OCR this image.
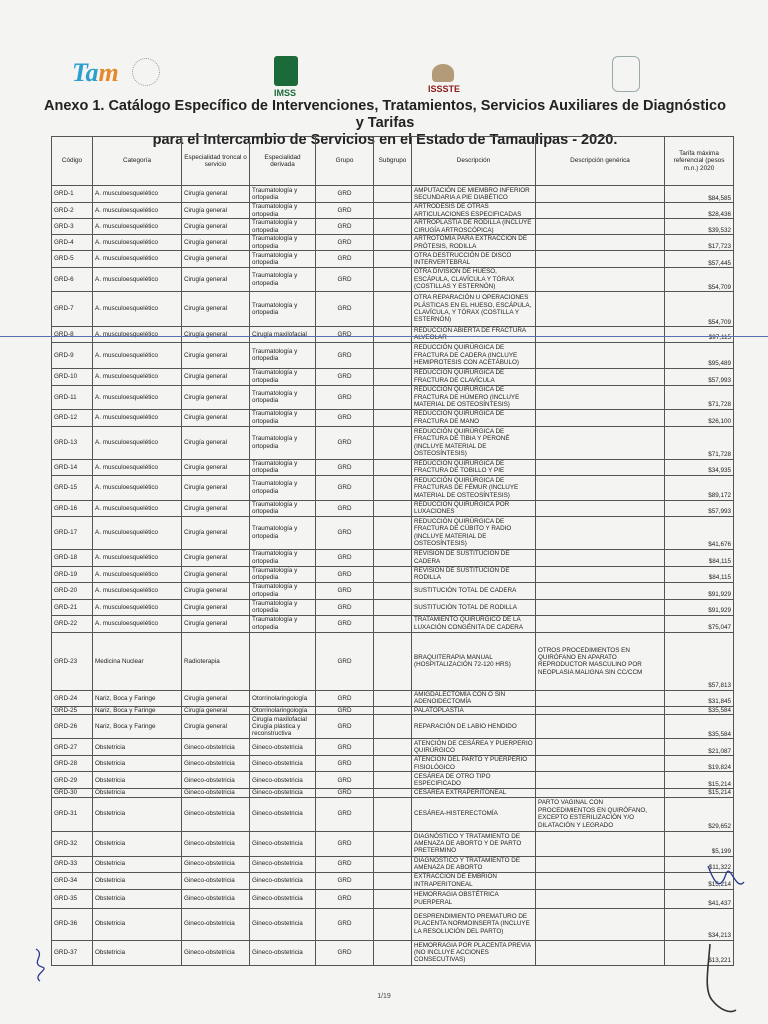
Tam
IMSS	ISSSTE
Anexo 1. Catálogo Específico de Intervenciones, Tratamientos, Servicios Auxiliares de Diagnóstico y Tarifas
para el Intercambio de Servicios en el Estado de Tamaulipas - 2020.
Código	Categoría	Especialidad troncal o servicio	Especialidad derivada	Grupo	Subgrupo	Descripción	Descripción genérica	Tarifa máxima referencial (pesos m.n.) 2020
GRD-1	A. musculoesquelético	Cirugía general	Traumatología y ortopedia	GRD		AMPUTACIÓN DE MIEMBRO INFERIOR SECUNDARIA A PIE DIABÉTICO		$84,585
GRD-2	A. musculoesquelético	Cirugía general	Traumatología y ortopedia	GRD		ARTRODESIS DE OTRAS ARTICULACIONES ESPECIFICADAS		$28,436
GRD-3	A. musculoesquelético	Cirugía general	Traumatología y ortopedia	GRD		ARTROPLASTIA DE RODILLA (INCLUYE CIRUGÍA ARTROSCÓPICA)		$39,532
GRD-4	A. musculoesquelético	Cirugía general	Traumatología y ortopedia	GRD		ARTROTOMÍA PARA EXTRACCIÓN DE PRÓTESIS, RODILLA		$17,723
GRD-5	A. musculoesquelético	Cirugía general	Traumatología y ortopedia	GRD		OTRA DESTRUCCIÓN DE DISCO INTERVERTEBRAL		$57,445
GRD-6	A. musculoesquelético	Cirugía general	Traumatología y ortopedia	GRD		OTRA DIVISIÓN DE HUESO, ESCÁPULA, CLAVÍCULA Y TÓRAX (COSTILLAS Y ESTERNÓN)		$54,709
GRD-7	A. musculoesquelético	Cirugía general	Traumatología y ortopedia	GRD		OTRA REPARACIÓN U OPERACIONES PLÁSTICAS EN EL HUESO, ESCÁPULA, CLAVÍCULA, Y TÓRAX (COSTILLA Y ESTERNÓN)		$54,709
GRD-8	A. musculoesquelético	Cirugía general	Cirugía maxilofacial	GRD		REDUCCIÓN ABIERTA DE FRACTURA ALVEOLAR		$97,115
GRD-9	A. musculoesquelético	Cirugía general	Traumatología y ortopedia	GRD		REDUCCIÓN QUIRÚRGICA DE FRACTURA DE CADERA (INCLUYE HEMIPROTESIS CON ACETÁBULO)		$95,489
GRD-10	A. musculoesquelético	Cirugía general	Traumatología y ortopedia	GRD		REDUCCIÓN QUIRÚRGICA DE FRACTURA DE CLAVÍCULA		$57,993
GRD-11	A. musculoesquelético	Cirugía general	Traumatología y ortopedia	GRD		REDUCCIÓN QUIRÚRGICA DE FRACTURA DE HÚMERO (INCLUYE MATERIAL DE OSTEOSÍNTESIS)		$71,728
GRD-12	A. musculoesquelético	Cirugía general	Traumatología y ortopedia	GRD		REDUCCIÓN QUIRÚRGICA DE FRACTURA DE MANO		$26,100
GRD-13	A. musculoesquelético	Cirugía general	Traumatología y ortopedia	GRD		REDUCCIÓN QUIRÚRGICA DE FRACTURA DE TIBIA Y PERONÉ (INCLUYE MATERIAL DE OSTEOSÍNTESIS)		$71,728
GRD-14	A. musculoesquelético	Cirugía general	Traumatología y ortopedia	GRD		REDUCCIÓN QUIRÚRGICA DE FRACTURA DE TOBILLO Y PIE		$34,935
GRD-15	A. musculoesquelético	Cirugía general	Traumatología y ortopedia	GRD		REDUCCIÓN QUIRÚRGICA DE FRACTURAS DE FÉMUR (INCLUYE MATERIAL DE OSTEOSÍNTESIS)		$89,172
GRD-16	A. musculoesquelético	Cirugía general	Traumatología y ortopedia	GRD		REDUCCIÓN QUIRÚRGICA POR LUXACIONES		$57,993
GRD-17	A. musculoesquelético	Cirugía general	Traumatología y ortopedia	GRD		REDUCCIÓN QUIRÚRGICA DE FRACTURA DE CÚBITO Y RADIO (INCLUYE MATERIAL DE OSTEOSÍNTESIS)		$41,676
GRD-18	A. musculoesquelético	Cirugía general	Traumatología y ortopedia	GRD		REVISIÓN DE SUSTITUCIÓN DE CADERA		$84,115
GRD-19	A. musculoesquelético	Cirugía general	Traumatología y ortopedia	GRD		REVISIÓN DE SUSTITUCIÓN DE RODILLA		$84,115
GRD-20	A. musculoesquelético	Cirugía general	Traumatología y ortopedia	GRD		SUSTITUCIÓN TOTAL DE CADERA		$91,929
GRD-21	A. musculoesquelético	Cirugía general	Traumatología y ortopedia	GRD		SUSTITUCIÓN TOTAL DE RODILLA		$91,929
GRD-22	A. musculoesquelético	Cirugía general	Traumatología y ortopedia	GRD		TRATAMIENTO QUIRÚRGICO DE LA LUXACIÓN CONGÉNITA DE CADERA		$75,047
GRD-23	Medicina Nuclear	Radioterapia		GRD		BRAQUITERAPIA MANUAL (HOSPITALIZACIÓN 72-120 HRS)	OTROS PROCEDIMIENTOS EN QUIRÓFANO EN APARATO REPRODUCTOR MASCULINO POR NEOPLASIA MALIGNA SIN CC/CCM	$57,813
GRD-24	Nariz, Boca y Faringe	Cirugía general	Otorrinolaringología	GRD		AMIGDALECTOMÍA CON O SIN ADENOIDECTOMÍA		$31,845
GRD-25	Nariz, Boca y Faringe	Cirugía general	Otorrinolaringología	GRD		PALATOPLASTIA		$35,584
GRD-26	Nariz, Boca y Faringe	Cirugía general	Cirugía maxilofacial Cirugía plástica y reconstructiva	GRD		REPARACIÓN DE LABIO HENDIDO		$35,584
GRD-27	Obstetricia	Gineco-obstetricia	Gineco-obstetricia	GRD		ATENCIÓN DE CESÁREA Y PUERPERIO QUIRÚRGICO		$21,087
GRD-28	Obstetricia	Gineco-obstetricia	Gineco-obstetricia	GRD		ATENCIÓN DEL PARTO Y PUERPERIO FISIOLÓGICO		$19,824
GRD-29	Obstetricia	Gineco-obstetricia	Gineco-obstetricia	GRD		CESÁREA DE OTRO TIPO ESPECIFICADO		$15,214
GRD-30	Obstetricia	Gineco-obstetricia	Gineco-obstetricia	GRD		CESÁREA EXTRAPERITONEAL		$15,214
GRD-31	Obstetricia	Gineco-obstetricia	Gineco-obstetricia	GRD		CESÁREA-HISTERECTOMÍA	PARTO VAGINAL CON PROCEDIMIENTOS EN QUIRÓFANO, EXCEPTO ESTERILIZACIÓN Y/O DILATACIÓN Y LEGRADO	$29,652
GRD-32	Obstetricia	Gineco-obstetricia	Gineco-obstetricia	GRD		DIAGNÓSTICO Y TRATAMIENTO DE AMENAZA DE ABORTO Y DE PARTO PRETERMINO		$5,199
GRD-33	Obstetricia	Gineco-obstetricia	Gineco-obstetricia	GRD		DIAGNÓSTICO Y TRATAMIENTO DE AMENAZA DE ABORTO		$11,322
GRD-34	Obstetricia	Gineco-obstetricia	Gineco-obstetricia	GRD		EXTRACCIÓN DE EMBRIÓN INTRAPERITONEAL		$15,214
GRD-35	Obstetricia	Gineco-obstetricia	Gineco-obstetricia	GRD		HEMORRAGIA OBSTÉTRICA PUERPERAL		$41,437
GRD-36	Obstetricia	Gineco-obstetricia	Gineco-obstetricia	GRD		DESPRENDIMIENTO PREMATURO DE PLACENTA NORMOINSERTA (INCLUYE LA RESOLUCIÓN DEL PARTO)		$34,213
GRD-37	Obstetricia	Gineco-obstetricia	Gineco-obstetricia	GRD		HEMORRAGIA POR PLACENTA PREVIA (NO INCLUYE ACCIONES CONSECUTIVAS)		$13,221
1/19
